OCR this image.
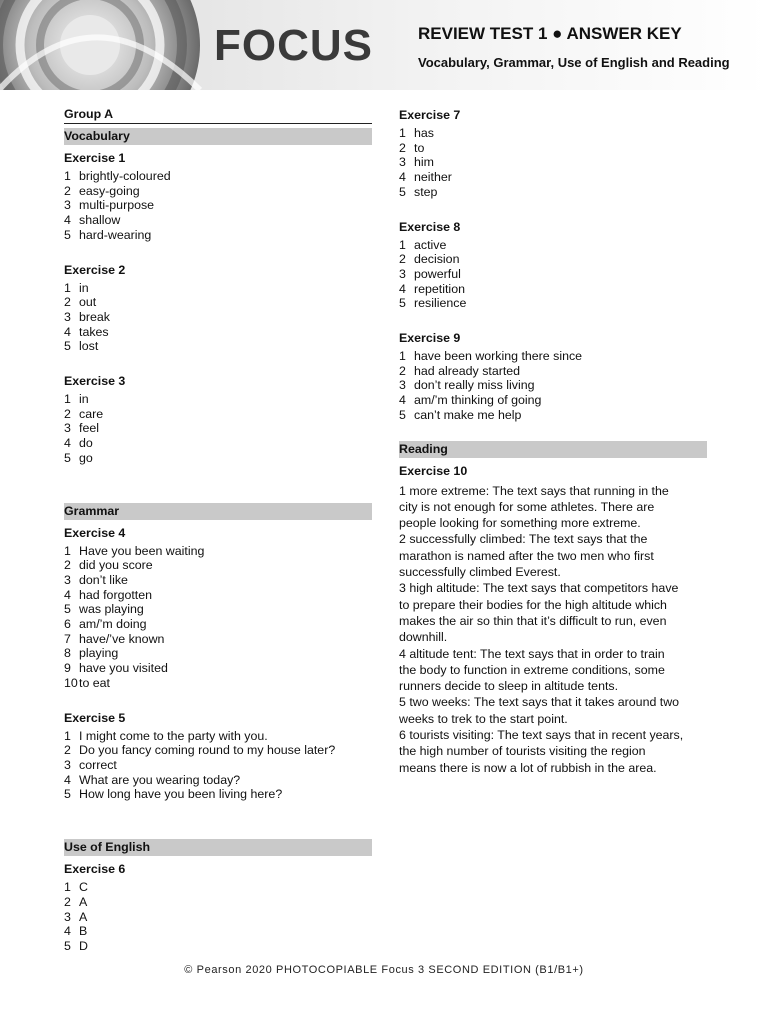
FOCUS	REVIEW TEST 1 ● ANSWER KEY
Vocabulary, Grammar, Use of English and Reading
Group A
Vocabulary
Exercise 1
1 brightly-coloured
2 easy-going
3 multi-purpose
4 shallow
5 hard-wearing
Exercise 2
1 in
2 out
3 break
4 takes
5 lost
Exercise 3
1 in
2 care
3 feel
4 do
5 go
Grammar
Exercise 4
1 Have you been waiting
2 did you score
3 don’t like
4 had forgotten
5 was playing
6 am/’m doing
7 have/’ve known
8 playing
9 have you visited
10to eat
Exercise 5
1 I might come to the party with you.
2 Do you fancy coming round to my house later?
3 correct
4 What are you wearing today?
5 How long have you been living here?
Use of English
Exercise 6
1 C
2 A
3 A
4 B
5 D
Exercise 7
1 has
2 to
3 him
4 neither
5 step
Exercise 8
1 active
2 decision
3 powerful
4 repetition
5 resilience
Exercise 9
1 have been working there since
2 had already started
3 don’t really miss living
4 am/’m thinking of going
5 can’t make me help
Reading
Exercise 10

1 more extreme: The text says that running in the

city is not enough for some athletes. There are

people looking for something more extreme.

2 successfully climbed: The text says that the

marathon is named after the two men who first

successfully climbed Everest.

3 high altitude: The text says that competitors have

to prepare their bodies for the high altitude which

makes the air so thin that it’s difficult to run, even

downhill.

4 altitude tent: The text says that in order to train

the body to function in extreme conditions, some

runners decide to sleep in altitude tents.

5 two weeks: The text says that it takes around two

weeks to trek to the start point.

6 tourists visiting: The text says that in recent years,

the high number of tourists visiting the region

means there is now a lot of rubbish in the area.

© Pearson 2020 PHOTOCOPIABLE Focus 3 SECOND EDITION (B1/B1+)
